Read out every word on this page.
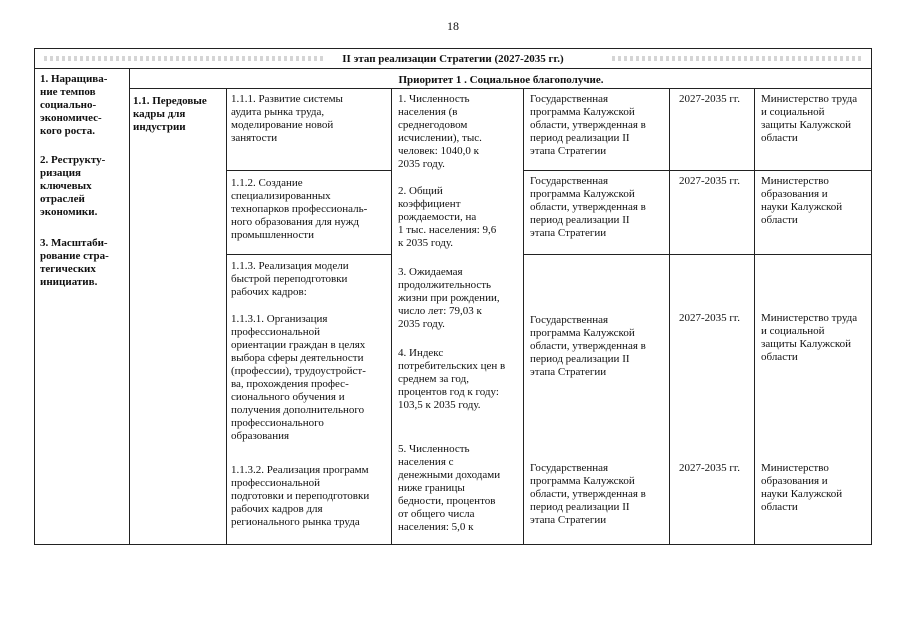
18
II этап реализации Стратегии (2027-2035 гг.)
Приоритет 1 . Социальное благополучие.

1. Наращива-
ние темпов
социально-
экономичес-
кого роста.

2. Реструкту-
ризация
ключевых
отраслей
экономики.

3. Масштаби-
рование стра-
тегических
инициатив.

1.1. Передовые
кадры для
индустрии

1.1.1. Развитие системы
аудита рынка труда,
моделирование новой
занятости

1.1.2. Создание
специализированных
технопарков профессиональ-
ного образования для нужд
промышленности

1.1.3. Реализация модели
быстрой переподготовки
рабочих кадров:

1.1.3.1. Организация
профессиональной
ориентации граждан в целях
выбора сферы деятельности
(профессии), трудоустройст-
ва, прохождения профес-
сионального обучения и
получения дополнительного
профессионального
образования

1.1.3.2. Реализация программ
профессиональной
подготовки и переподготовки
рабочих кадров для
регионального рынка труда

1. Численность
населения (в
среднегодовом
исчислении), тыс.
человек: 1040,0 к
2035 году.

2. Общий
коэффициент
рождаемости, на
1 тыс. населения: 9,6
к 2035 году.

3. Ожидаемая
продолжительность
жизни при рождении,
число лет: 79,03 к
2035 году.

4. Индекс
потребительских цен в
среднем за год,
процентов год к году:
103,5 к 2035 году.

5. Численность
населения с
денежными доходами
ниже границы
бедности, процентов
от общего числа
населения: 5,0 к

Государственная
программа Калужской
области, утвержденная в
период реализации II
этапа Стратегии

Государственная
программа Калужской
области, утвержденная в
период реализации II
этапа Стратегии

Государственная
программа Калужской
области, утвержденная в
период реализации II
этапа Стратегии

Государственная
программа Калужской
области, утвержденная в
период реализации II
этапа Стратегии

2027-2035 гг.

2027-2035 гг.

2027-2035 гг.

2027-2035 гг.

Министерство труда
и социальной
защиты Калужской
области

Министерство
образования и
науки Калужской
области

Министерство труда
и социальной
защиты Калужской
области

Министерство
образования и
науки Калужской
области
